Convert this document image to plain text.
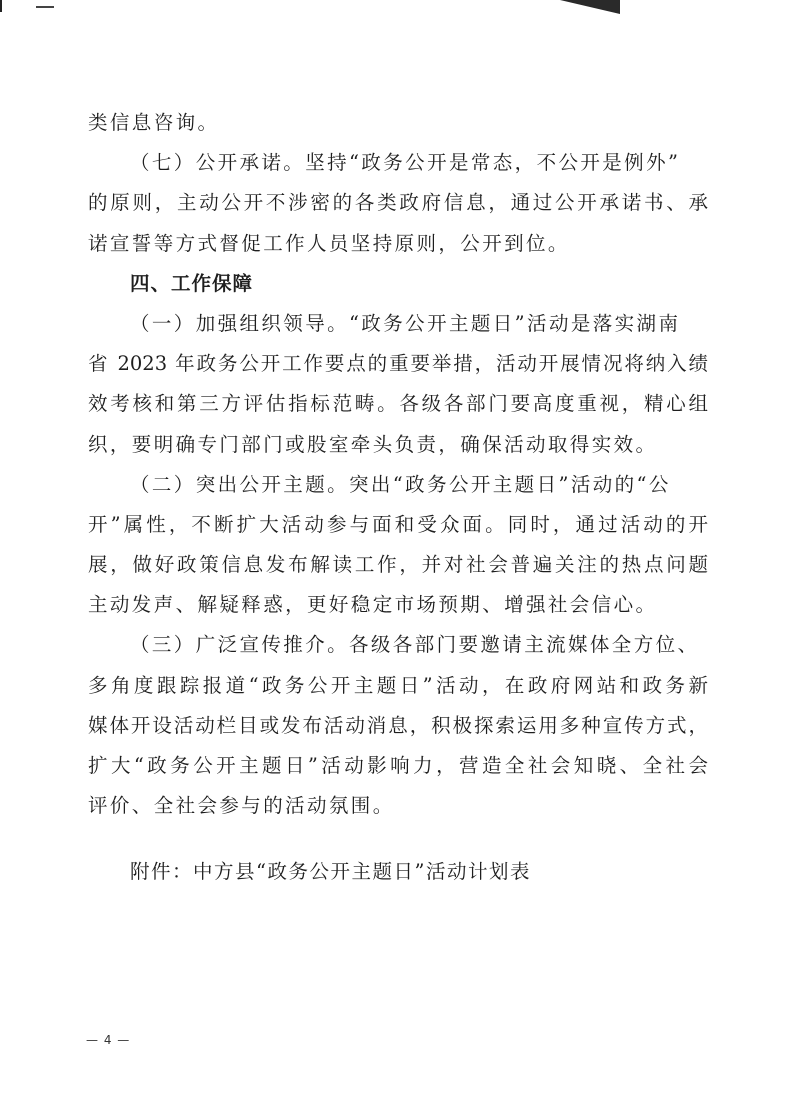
类信息咨询。
（七）公开承诺。坚持“政务公开是常态，不公开是例外”
的原则，主动公开不涉密的各类政府信息，通过公开承诺书、承
诺宣誓等方式督促工作人员坚持原则，公开到位。
四、工作保障
（一）加强组织领导。“政务公开主题日”活动是落实湖南
省 2023 年政务公开工作要点的重要举措，活动开展情况将纳入绩
效考核和第三方评估指标范畴。各级各部门要高度重视，精心组
织，要明确专门部门或股室牵头负责，确保活动取得实效。
（二）突出公开主题。突出“政务公开主题日”活动的“公
开”属性，不断扩大活动参与面和受众面。同时，通过活动的开
展，做好政策信息发布解读工作，并对社会普遍关注的热点问题
主动发声、解疑释惑，更好稳定市场预期、增强社会信心。
（三）广泛宣传推介。各级各部门要邀请主流媒体全方位、
多角度跟踪报道“政务公开主题日”活动，在政府网站和政务新
媒体开设活动栏目或发布活动消息，积极探索运用多种宣传方式，
扩大“政务公开主题日”活动影响力，营造全社会知晓、全社会
评价、全社会参与的活动氛围。
附件：中方县“政务公开主题日”活动计划表
— 4 —
